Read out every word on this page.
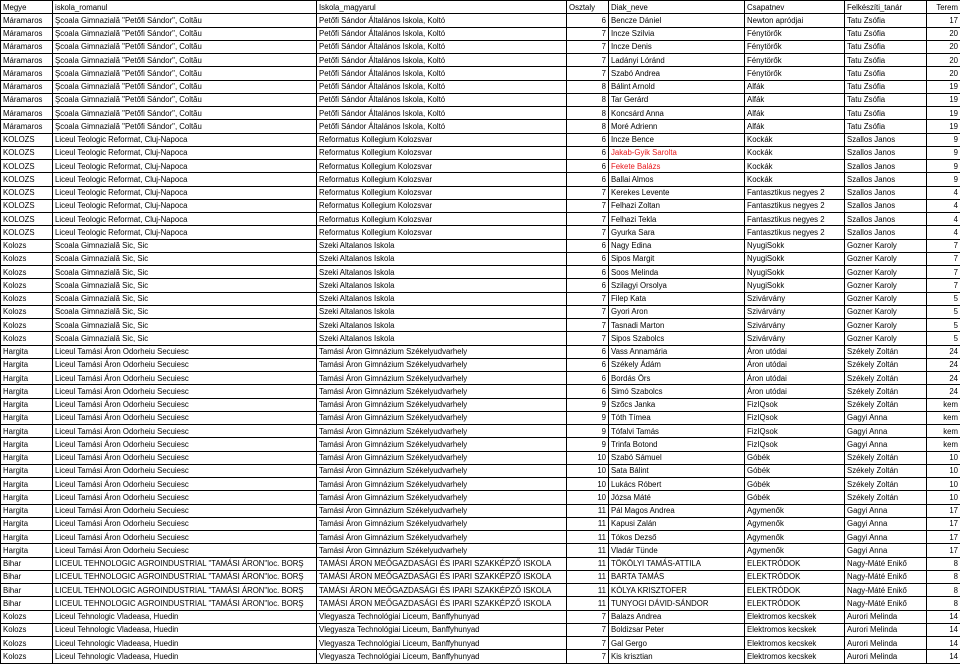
Megye	iskola_romanul	Iskola_magyarul	Osztaly	Diak_neve	Csapatnev	Felkészíti_tanár	Terem
Máramaros	Şcoala Gimnazială "Petőfi Sándor", Coltău	Petőfi Sándor Általános Iskola, Koltó	6	Bencze Dániel	Newton apródjai	Tatu Zsófia	17
Máramaros	Şcoala Gimnazială "Petőfi Sándor", Coltău	Petőfi Sándor Általános Iskola, Koltó	7	Incze Szilvia	Fénytörők	Tatu Zsófia	20
Máramaros	Şcoala Gimnazială "Petőfi Sándor", Coltău	Petőfi Sándor Általános Iskola, Koltó	7	Incze Denis	Fénytörők	Tatu Zsófia	20
Máramaros	Şcoala Gimnazială "Petőfi Sándor", Coltău	Petőfi Sándor Általános Iskola, Koltó	7	Ladányi Lóránd	Fénytörők	Tatu Zsófia	20
Máramaros	Şcoala Gimnazială "Petőfi Sándor", Coltău	Petőfi Sándor Általános Iskola, Koltó	7	Szabó Andrea	Fénytörők	Tatu Zsófia	20
Máramaros	Şcoala Gimnazială "Petőfi Sándor", Coltău	Petőfi Sándor Általános Iskola, Koltó	8	Bálint Arnold	Alfák	Tatu Zsófia	19
Máramaros	Şcoala Gimnazială "Petőfi Sándor", Coltău	Petőfi Sándor Általános Iskola, Koltó	8	Tar Gerárd	Alfák	Tatu Zsófia	19
Máramaros	Şcoala Gimnazială "Petőfi Sándor", Coltău	Petőfi Sándor Általános Iskola, Koltó	8	Koncsárd Anna	Alfák	Tatu Zsófia	19
Máramaros	Şcoala Gimnazială "Petőfi Sándor", Coltău	Petőfi Sándor Általános Iskola, Koltó	8	Moré Adrienn	Alfák	Tatu Zsófia	19
KOLOZS	Liceul Teologic Reformat, Cluj-Napoca	Reformatus Kollegium Kolozsvar	6	Incze Bence	Kockák	Szallos Janos	9
KOLOZS	Liceul Teologic Reformat, Cluj-Napoca	Reformatus Kollegium Kolozsvar	6	Jakab-Gyik Sarolta	Kockák	Szallos Janos	9
KOLOZS	Liceul Teologic Reformat, Cluj-Napoca	Reformatus Kollegium Kolozsvar	6	Fekete Balázs	Kockák	Szallos Janos	9
KOLOZS	Liceul Teologic Reformat, Cluj-Napoca	Reformatus Kollegium Kolozsvar	6	Ballai Almos	Kockák	Szallos Janos	9
KOLOZS	Liceul Teologic Reformat, Cluj-Napoca	Reformatus Kollegium Kolozsvar	7	Kerekes Levente	Fantasztikus negyes 2	Szallos Janos	4
KOLOZS	Liceul Teologic Reformat, Cluj-Napoca	Reformatus Kollegium Kolozsvar	7	Felhazi Zoltan	Fantasztikus negyes 2	Szallos Janos	4
KOLOZS	Liceul Teologic Reformat, Cluj-Napoca	Reformatus Kollegium Kolozsvar	7	Felhazi Tekla	Fantasztikus negyes 2	Szallos Janos	4
KOLOZS	Liceul Teologic Reformat, Cluj-Napoca	Reformatus Kollegium Kolozsvar	7	Gyurka Sara	Fantasztikus negyes 2	Szallos Janos	4
Kolozs	Scoala Gimnazială Sic, Sic	Szeki Altalanos Iskola	6	Nagy Edina	NyugiSokk	Gozner Karoly	7
Kolozs	Scoala Gimnazială Sic, Sic	Szeki Altalanos Iskola	6	Sipos Margit	NyugiSokk	Gozner Karoly	7
Kolozs	Scoala Gimnazială Sic, Sic	Szeki Altalanos Iskola	6	Soos Melinda	NyugiSokk	Gozner Karoly	7
Kolozs	Scoala Gimnazială Sic, Sic	Szeki Altalanos Iskola	6	Szilagyi Orsolya	NyugiSokk	Gozner Karoly	7
Kolozs	Scoala Gimnazială Sic, Sic	Szeki Altalanos Iskola	7	Filep Kata	Szivárvány	Gozner Karoly	5
Kolozs	Scoala Gimnazială Sic, Sic	Szeki Altalanos Iskola	7	Gyori Aron	Szivárvány	Gozner Karoly	5
Kolozs	Scoala Gimnazială Sic, Sic	Szeki Altalanos Iskola	7	Tasnadi Marton	Szivárvány	Gozner Karoly	5
Kolozs	Scoala Gimnazială Sic, Sic	Szeki Altalanos Iskola	7	Sipos Szabolcs	Szivárvány	Gozner Karoly	5
Hargita	Liceul Tamási Áron Odorheiu Secuiesc	Tamási Áron Gimnázium Székelyudvarhely	6	Vass Annamária	Áron utódai	Székely Zoltán	24
Hargita	Liceul Tamási Áron Odorheiu Secuiesc	Tamási Áron Gimnázium Székelyudvarhely	6	Székely Ádám	Áron utódai	Székely Zoltán	24
Hargita	Liceul Tamási Áron Odorheiu Secuiesc	Tamási Áron Gimnázium Székelyudvarhely	6	Bordás Örs	Áron utódai	Székely Zoltán	24
Hargita	Liceul Tamási Áron Odorheiu Secuiesc	Tamási Áron Gimnázium Székelyudvarhely	6	Simó Szabolcs	Áron utódai	Székely Zoltán	24
Hargita	Liceul Tamási Áron Odorheiu Secuiesc	Tamási Áron Gimnázium Székelyudvarhely	9	Szőcs Janka	FizIQsok	Székely Zoltán	kem
Hargita	Liceul Tamási Áron Odorheiu Secuiesc	Tamási Áron Gimnázium Székelyudvarhely	9	Tóth Tímea	FizIQsok	Gagyi Anna	kem
Hargita	Liceul Tamási Áron Odorheiu Secuiesc	Tamási Áron Gimnázium Székelyudvarhely	9	Tófalvi Tamás	FizIQsok	Gagyi Anna	kem
Hargita	Liceul Tamási Áron Odorheiu Secuiesc	Tamási Áron Gimnázium Székelyudvarhely	9	Trinfa Botond	FizIQsok	Gagyi Anna	kem
Hargita	Liceul Tamási Áron Odorheiu Secuiesc	Tamási Áron Gimnázium Székelyudvarhely	10	Szabó Sámuel	Góbék	Székely Zoltán	10
Hargita	Liceul Tamási Áron Odorheiu Secuiesc	Tamási Áron Gimnázium Székelyudvarhely	10	Sata Bálint	Góbék	Székely Zoltán	10
Hargita	Liceul Tamási Áron Odorheiu Secuiesc	Tamási Áron Gimnázium Székelyudvarhely	10	Lukács Róbert	Góbék	Székely Zoltán	10
Hargita	Liceul Tamási Áron Odorheiu Secuiesc	Tamási Áron Gimnázium Székelyudvarhely	10	Józsa Máté	Góbék	Székely Zoltán	10
Hargita	Liceul Tamási Áron Odorheiu Secuiesc	Tamási Áron Gimnázium Székelyudvarhely	11	Pál Magos Andrea	Agymenők	Gagyi Anna	17
Hargita	Liceul Tamási Áron Odorheiu Secuiesc	Tamási Áron Gimnázium Székelyudvarhely	11	Kapusi Zalán	Agymenők	Gagyi Anna	17
Hargita	Liceul Tamási Áron Odorheiu Secuiesc	Tamási Áron Gimnázium Székelyudvarhely	11	Tókos Dezső	Agymenők	Gagyi Anna	17
Hargita	Liceul Tamási Áron Odorheiu Secuiesc	Tamási Áron Gimnázium Székelyudvarhely	11	Vladár Tünde	Agymenők	Gagyi Anna	17
Bihar	LICEUL TEHNOLOGIC AGROINDUSTRIAL "TAMÁSI ÁRON"loc. BORŞ	TAMÁSI ÁRON MEŐGAZDASÁGI ÉS IPARI SZAKKÉPZŐ ISKOLA	11	TÖKÖLYI TAMÁS-ATTILA	ELEKTRÓDOK	Nagy-Máté Enikő	8
Bihar	LICEUL TEHNOLOGIC AGROINDUSTRIAL "TAMÁSI ÁRON"loc. BORŞ	TAMÁSI ÁRON MEŐGAZDASÁGI ÉS IPARI SZAKKÉPZŐ ISKOLA	11	BARTA TAMÁS	ELEKTRÓDOK	Nagy-Máté Enikő	8
Bihar	LICEUL TEHNOLOGIC AGROINDUSTRIAL "TAMÁSI ÁRON"loc. BORŞ	TAMÁSI ÁRON MEŐGAZDASÁGI ÉS IPARI SZAKKÉPZŐ ISKOLA	11	KÓLYA KRISZTOFER	ELEKTRÓDOK	Nagy-Máté Enikő	8
Bihar	LICEUL TEHNOLOGIC AGROINDUSTRIAL "TAMÁSI ÁRON"loc. BORŞ	TAMÁSI ÁRON MEŐGAZDASÁGI ÉS IPARI SZAKKÉPZŐ ISKOLA	11	TUNYOGI DÁVID-SÁNDOR	ELEKTRÓDOK	Nagy-Máté Enikő	8
Kolozs	Liceul Tehnologic Vladeasa, Huedin	Vlegyasza Technológiai Liceum, Banffyhunyad	7	Balazs Andrea	Elektromos kecskek	Aurori Melinda	14
Kolozs	Liceul Tehnologic Vladeasa, Huedin	Vlegyasza Technológiai Liceum, Banffyhunyad	7	Boldizsar Peter	Elektromos kecskek	Aurori Melinda	14
Kolozs	Liceul Tehnologic Vladeasa, Huedin	Vlegyasza Technológiai Liceum, Banffyhunyad	7	Gal Gergo	Elektromos kecskek	Aurori Melinda	14
Kolozs	Liceul Tehnologic Vladeasa, Huedin	Vlegyasza Technológiai Liceum, Banffyhunyad	7	Kis krisztian	Elektromos kecskek	Aurori Melinda	14
